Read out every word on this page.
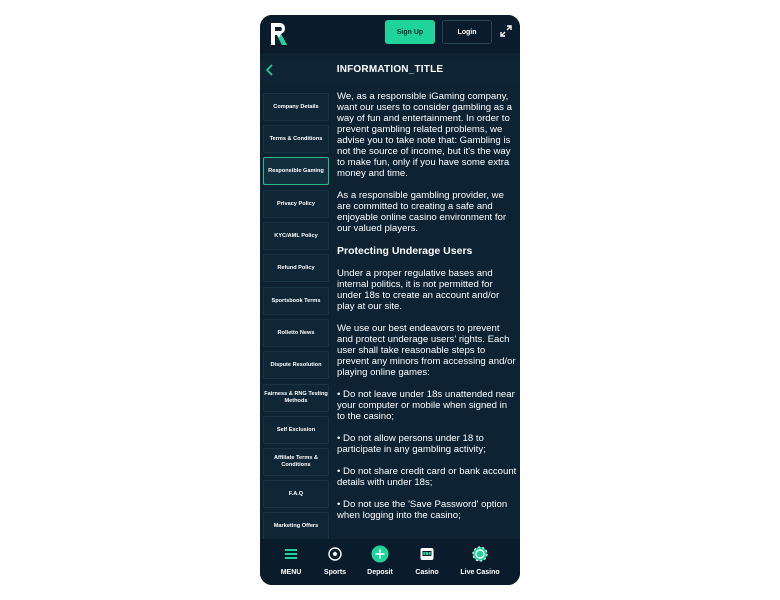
Sign Up	Login
INFORMATION_TITLE
Company Details
Terms & Conditions
Responsible Gaming
Privacy Policy
KYC/AML Policy
Refund Policy
Sportsbook Terms
Rolletto News
Dispute Resolution
Fairness & RNG Testing Methods
Self Exclusion
Affiliate Terms & Conditions
F.A.Q
Marketing Offers

We, as a responsible iGaming company, want our users to consider gambling as a way of fun and entertainment. In order to prevent gambling related problems, we advise you to take note that: Gambling is not the source of income, but it's the way to make fun, only if you have some extra money and time.

As a responsible gambling provider, we are committed to creating a safe and enjoyable online casino environment for our valued players.

Protecting Underage Users

Under a proper regulative bases and internal politics, it is not permitted for under 18s to create an account and/or play at our site.

We use our best endeavors to prevent and protect underage users' rights. Each user shall take reasonable steps to prevent any minors from accessing and/or playing online games:

• Do not leave under 18s unattended near your computer or mobile when signed in to the casino;

• Do not allow persons under 18 to participate in any gambling activity;

• Do not share credit card or bank account details with under 18s;

• Do not use the 'Save Password' option when logging into the casino;

MENU	Sports	Deposit	Casino	Live Casino
